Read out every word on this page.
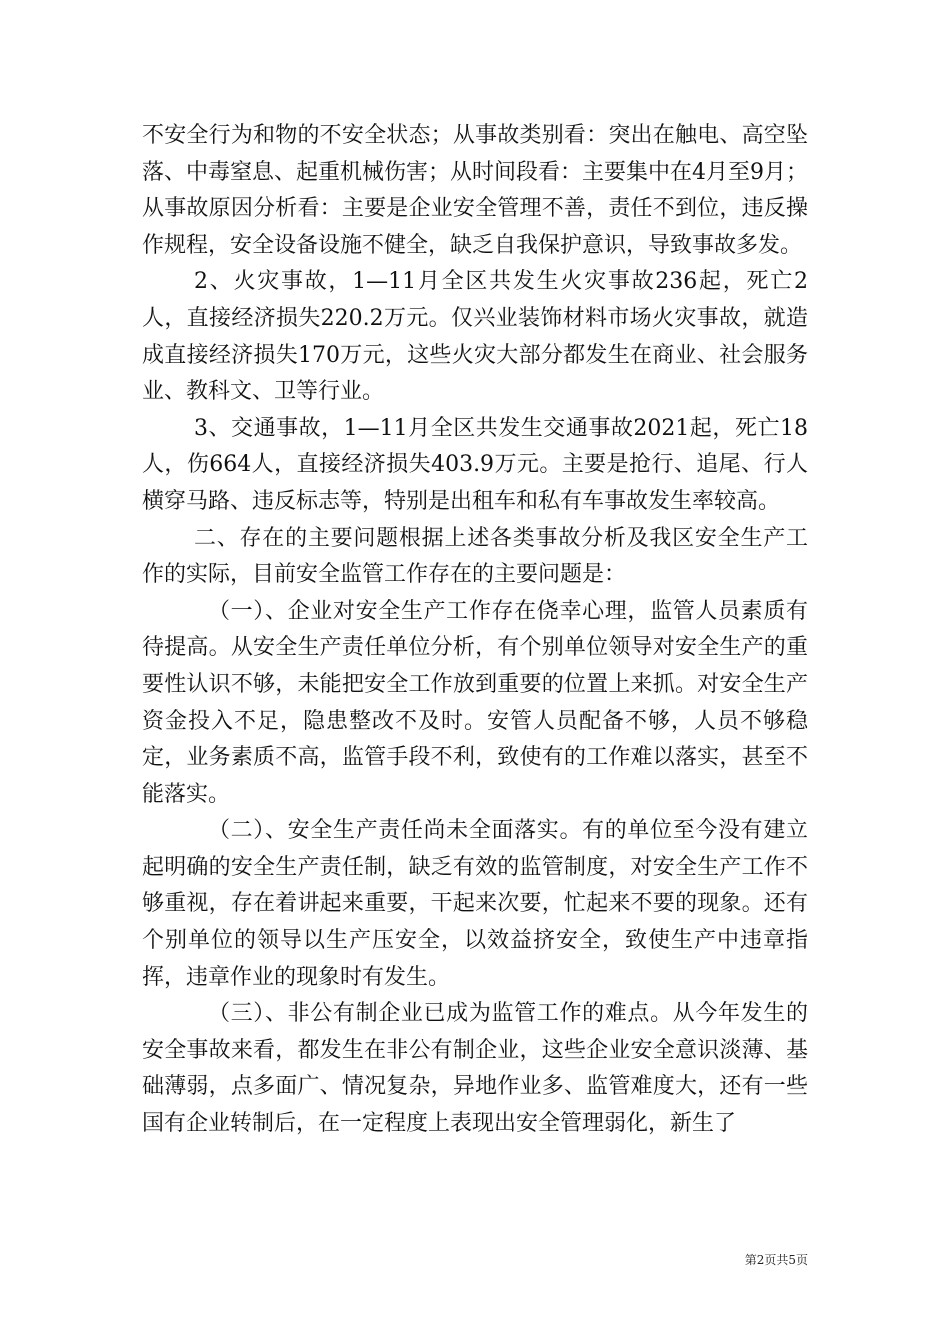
不安全行为和物的不安全状态；从事故类别看：突出在触电、高空坠落、中毒窒息、起重机械伤害；从时间段看：主要集中在4月至9月；从事故原因分析看：主要是企业安全管理不善，责任不到位，违反操作规程，安全设备设施不健全，缺乏自我保护意识，导致事故多发。

2、火灾事故，1—11月全区共发生火灾事故236起，死亡2人，直接经济损失220.2万元。仅兴业装饰材料市场火灾事故，就造成直接经济损失170万元，这些火灾大部分都发生在商业、社会服务业、教科文、卫等行业。

3、交通事故，1—11月全区共发生交通事故2021起，死亡18人，伤664人，直接经济损失403.9万元。主要是抢行、追尾、行人横穿马路、违反标志等，特别是出租车和私有车事故发生率较高。

二、存在的主要问题根据上述各类事故分析及我区安全生产工作的实际，目前安全监管工作存在的主要问题是：

（一）、企业对安全生产工作存在侥幸心理，监管人员素质有待提高。从安全生产责任单位分析，有个别单位领导对安全生产的重要性认识不够，未能把安全工作放到重要的位置上来抓。对安全生产资金投入不足，隐患整改不及时。安管人员配备不够，人员不够稳定，业务素质不高，监管手段不利，致使有的工作难以落实，甚至不能落实。

（二）、安全生产责任尚未全面落实。有的单位至今没有建立起明确的安全生产责任制，缺乏有效的监管制度，对安全生产工作不够重视，存在着讲起来重要，干起来次要，忙起来不要的现象。还有个别单位的领导以生产压安全，以效益挤安全，致使生产中违章指挥，违章作业的现象时有发生。

（三）、非公有制企业已成为监管工作的难点。从今年发生的安全事故来看，都发生在非公有制企业，这些企业安全意识淡薄、基础薄弱，点多面广、情况复杂，异地作业多、监管难度大，还有一些国有企业转制后，在一定程度上表现出安全管理弱化，新生了

第2页共5页
